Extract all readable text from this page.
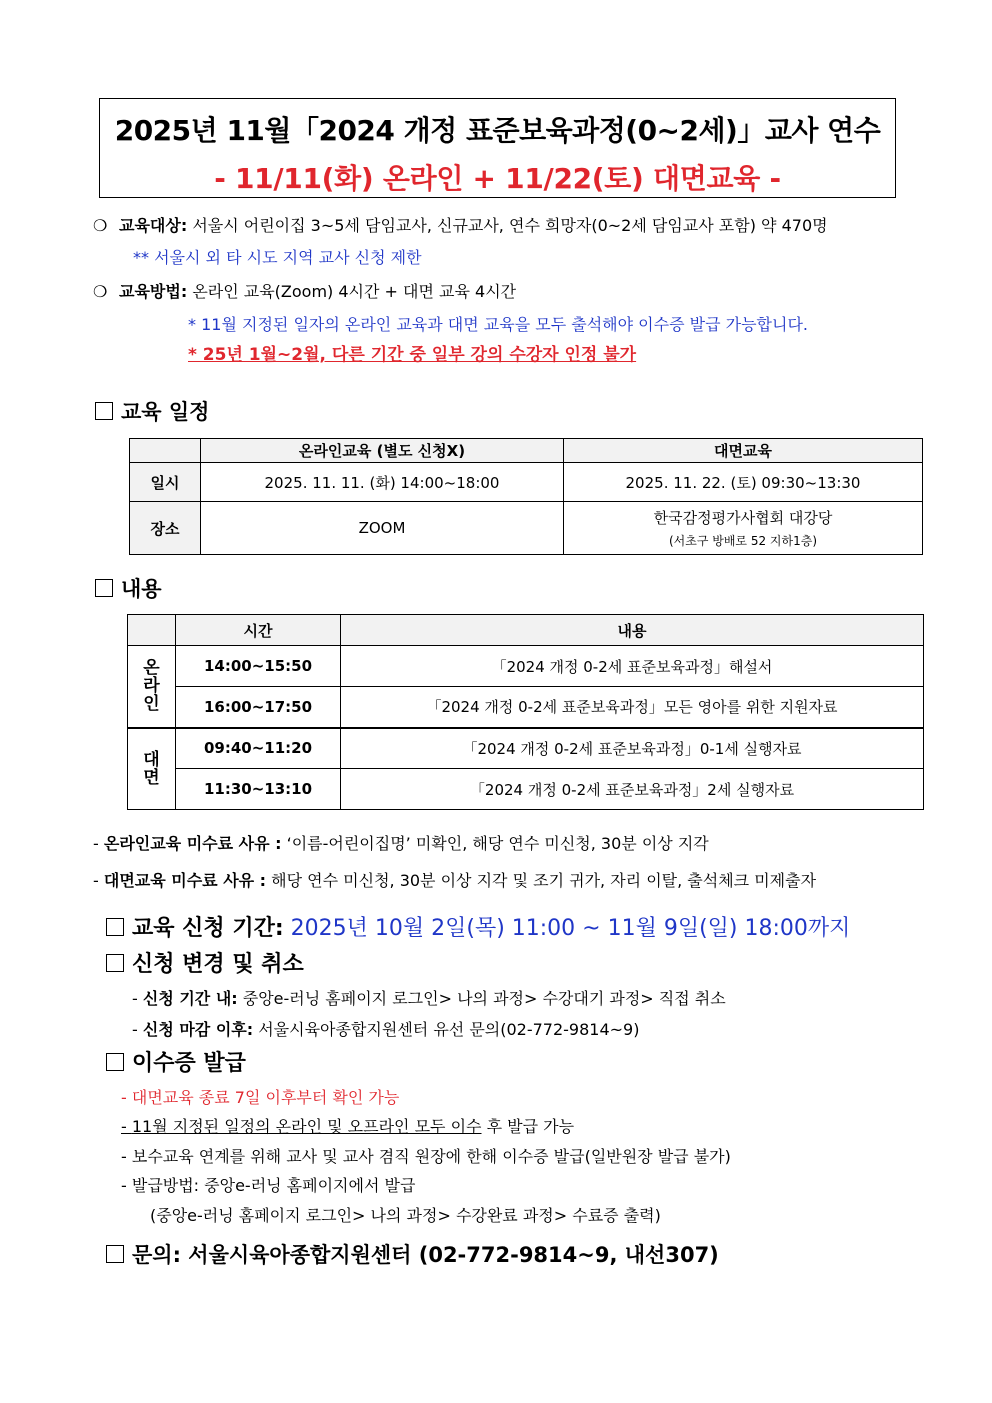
2025년 11월「2024 개정 표준보육과정(0~2세)」교사 연수
- 11/11(화) 온라인 + 11/22(토) 대면교육 -
❍ 교육대상: 서울시 어린이집 3~5세 담임교사, 신규교사, 연수 희망자(0~2세 담임교사 포함) 약 470명
** 서울시 외 타 시도 지역 교사 신청 제한
❍ 교육방법: 온라인 교육(Zoom) 4시간 + 대면 교육 4시간
* 11월 지정된 일자의 온라인 교육과 대면 교육을 모두 출석해야 이수증 발급 가능합니다.
* 25년 1월~2월, 다른 기간 중 일부 강의 수강자 인정 불가
교육 일정
	온라인교육 (별도 신청X)	대면교육
일시	2025. 11. 11. (화) 14:00~18:00	2025. 11. 22. (토) 09:30~13:30
장소	ZOOM	한국감정평가사협회 대강당
(서초구 방배로 52 지하1층)
내용
	시간	내용
온
라
인	14:00~15:50	「2024 개정 0-2세 표준보육과정」해설서
	16:00~17:50	「2024 개정 0-2세 표준보육과정」모든 영아를 위한 지원자료
대
면	09:40~11:20	「2024 개정 0-2세 표준보육과정」0-1세 실행자료
	11:30~13:10	「2024 개정 0-2세 표준보육과정」2세 실행자료
- 온라인교육 미수료 사유 : ‘이름-어린이집명’ 미확인, 해당 연수 미신청, 30분 이상 지각
- 대면교육 미수료 사유 : 해당 연수 미신청, 30분 이상 지각 및 조기 귀가, 자리 이탈, 출석체크 미제출자
교육 신청 기간: 2025년 10월 2일(목) 11:00 ~ 11월 9일(일) 18:00까지
신청 변경 및 취소
- 신청 기간 내: 중앙e-러닝 홈페이지 로그인> 나의 과정> 수강대기 과정> 직접 취소
- 신청 마감 이후: 서울시육아종합지원센터 유선 문의(02-772-9814~9)
이수증 발급
- 대면교육 종료 7일 이후부터 확인 가능
- 11월 지정된 일정의 온라인 및 오프라인 모두 이수 후 발급 가능
- 보수교육 연계를 위해 교사 및 교사 겸직 원장에 한해 이수증 발급(일반원장 발급 불가)
- 발급방법: 중앙e-러닝 홈페이지에서 발급
(중앙e-러닝 홈페이지 로그인> 나의 과정> 수강완료 과정> 수료증 출력)
문의: 서울시육아종합지원센터 (02-772-9814~9, 내선307)
